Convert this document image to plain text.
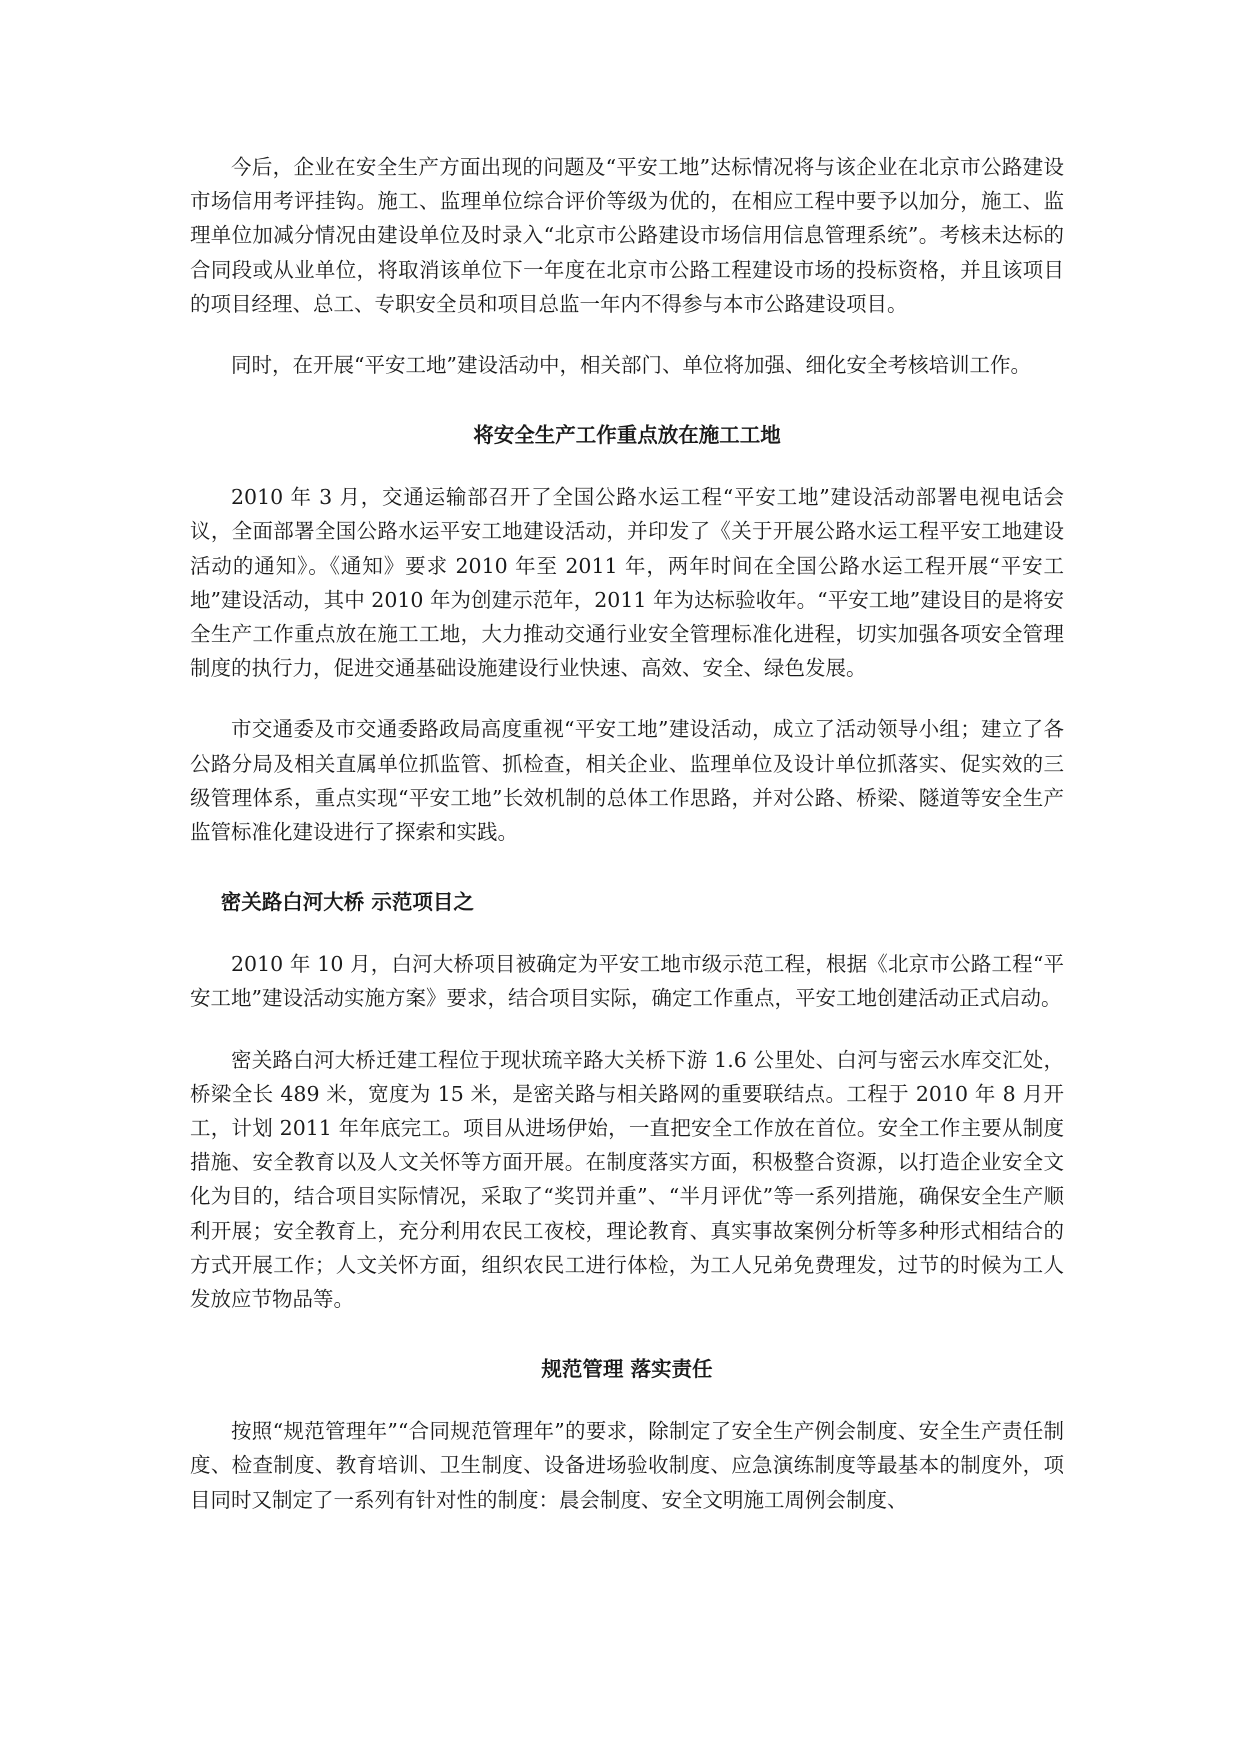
今后，企业在安全生产方面出现的问题及“平安工地”达标情况将与该企业在北京市公路建设市场信用考评挂钩。施工、监理单位综合评价等级为优的，在相应工程中要予以加分，施工、监理单位加减分情况由建设单位及时录入“北京市公路建设市场信用信息管理系统”。考核未达标的合同段或从业单位，将取消该单位下一年度在北京市公路工程建设市场的投标资格，并且该项目的项目经理、总工、专职安全员和项目总监一年内不得参与本市公路建设项目。

同时，在开展“平安工地”建设活动中，相关部门、单位将加强、细化安全考核培训工作。

将安全生产工作重点放在施工工地

2010 年 3 月，交通运输部召开了全国公路水运工程“平安工地”建设活动部署电视电话会议，全面部署全国公路水运平安工地建设活动，并印发了《关于开展公路水运工程平安工地建设活动的通知》。《通知》要求 2010 年至 2011 年，两年时间在全国公路水运工程开展“平安工地”建设活动，其中 2010 年为创建示范年，2011 年为达标验收年。“平安工地”建设目的是将安全生产工作重点放在施工工地，大力推动交通行业安全管理标准化进程，切实加强各项安全管理制度的执行力，促进交通基础设施建设行业快速、高效、安全、绿色发展。

市交通委及市交通委路政局高度重视“平安工地”建设活动，成立了活动领导小组；建立了各公路分局及相关直属单位抓监管、抓检查，相关企业、监理单位及设计单位抓落实、促实效的三级管理体系，重点实现“平安工地”长效机制的总体工作思路，并对公路、桥梁、隧道等安全生产监管标准化建设进行了探索和实践。

密关路白河大桥 示范项目之

2010 年 10 月，白河大桥项目被确定为平安工地市级示范工程，根据《北京市公路工程“平安工地”建设活动实施方案》要求，结合项目实际，确定工作重点，平安工地创建活动正式启动。

密关路白河大桥迁建工程位于现状琉辛路大关桥下游 1.6 公里处、白河与密云水库交汇处，桥梁全长 489 米，宽度为 15 米，是密关路与相关路网的重要联结点。工程于 2010 年 8 月开工，计划 2011 年年底完工。项目从进场伊始，一直把安全工作放在首位。安全工作主要从制度措施、安全教育以及人文关怀等方面开展。在制度落实方面，积极整合资源，以打造企业安全文化为目的，结合项目实际情况，采取了“奖罚并重”、“半月评优”等一系列措施，确保安全生产顺利开展；安全教育上，充分利用农民工夜校，理论教育、真实事故案例分析等多种形式相结合的方式开展工作；人文关怀方面，组织农民工进行体检，为工人兄弟免费理发，过节的时候为工人发放应节物品等。

规范管理 落实责任

按照“规范管理年”“合同规范管理年”的要求，除制定了安全生产例会制度、安全生产责任制度、检查制度、教育培训、卫生制度、设备进场验收制度、应急演练制度等最基本的制度外，项目同时又制定了一系列有针对性的制度：晨会制度、安全文明施工周例会制度、
